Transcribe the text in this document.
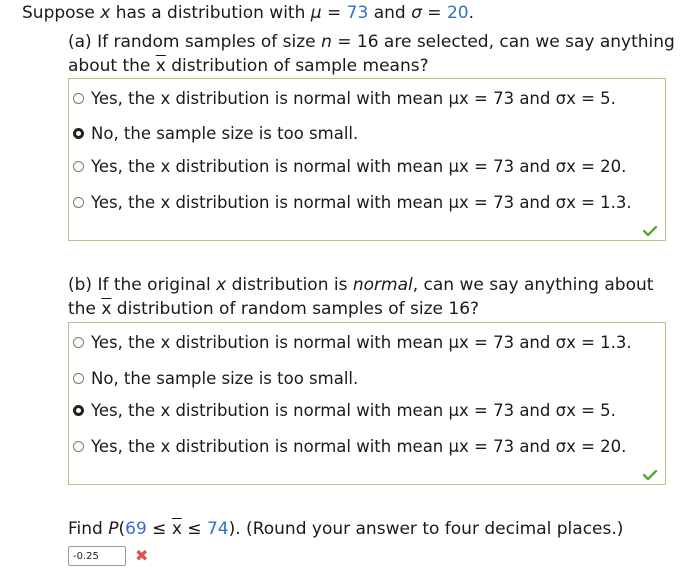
Suppose x has a distribution with μ = 73 and σ = 20.
(a) If random samples of size n = 16 are selected, can we say anything
about the $\overline{x}$ distribution of sample means?
Yes, the x distribution is normal with mean μx = 73 and σx = 5.
No, the sample size is too small.
Yes, the x distribution is normal with mean μx = 73 and σx = 20.
Yes, the x distribution is normal with mean μx = 73 and σx = 1.3.
(b) If the original x distribution is normal, can we say anything about
the $\overline{x}$ distribution of random samples of size 16?
Yes, the x distribution is normal with mean μx = 73 and σx = 1.3.
No, the sample size is too small.
Yes, the x distribution is normal with mean μx = 73 and σx = 5.
Yes, the x distribution is normal with mean μx = 73 and σx = 20.
Find $P(69 \le \overline{x} \le 74)$. (Round your answer to four decimal places.)
-0.25
✖
